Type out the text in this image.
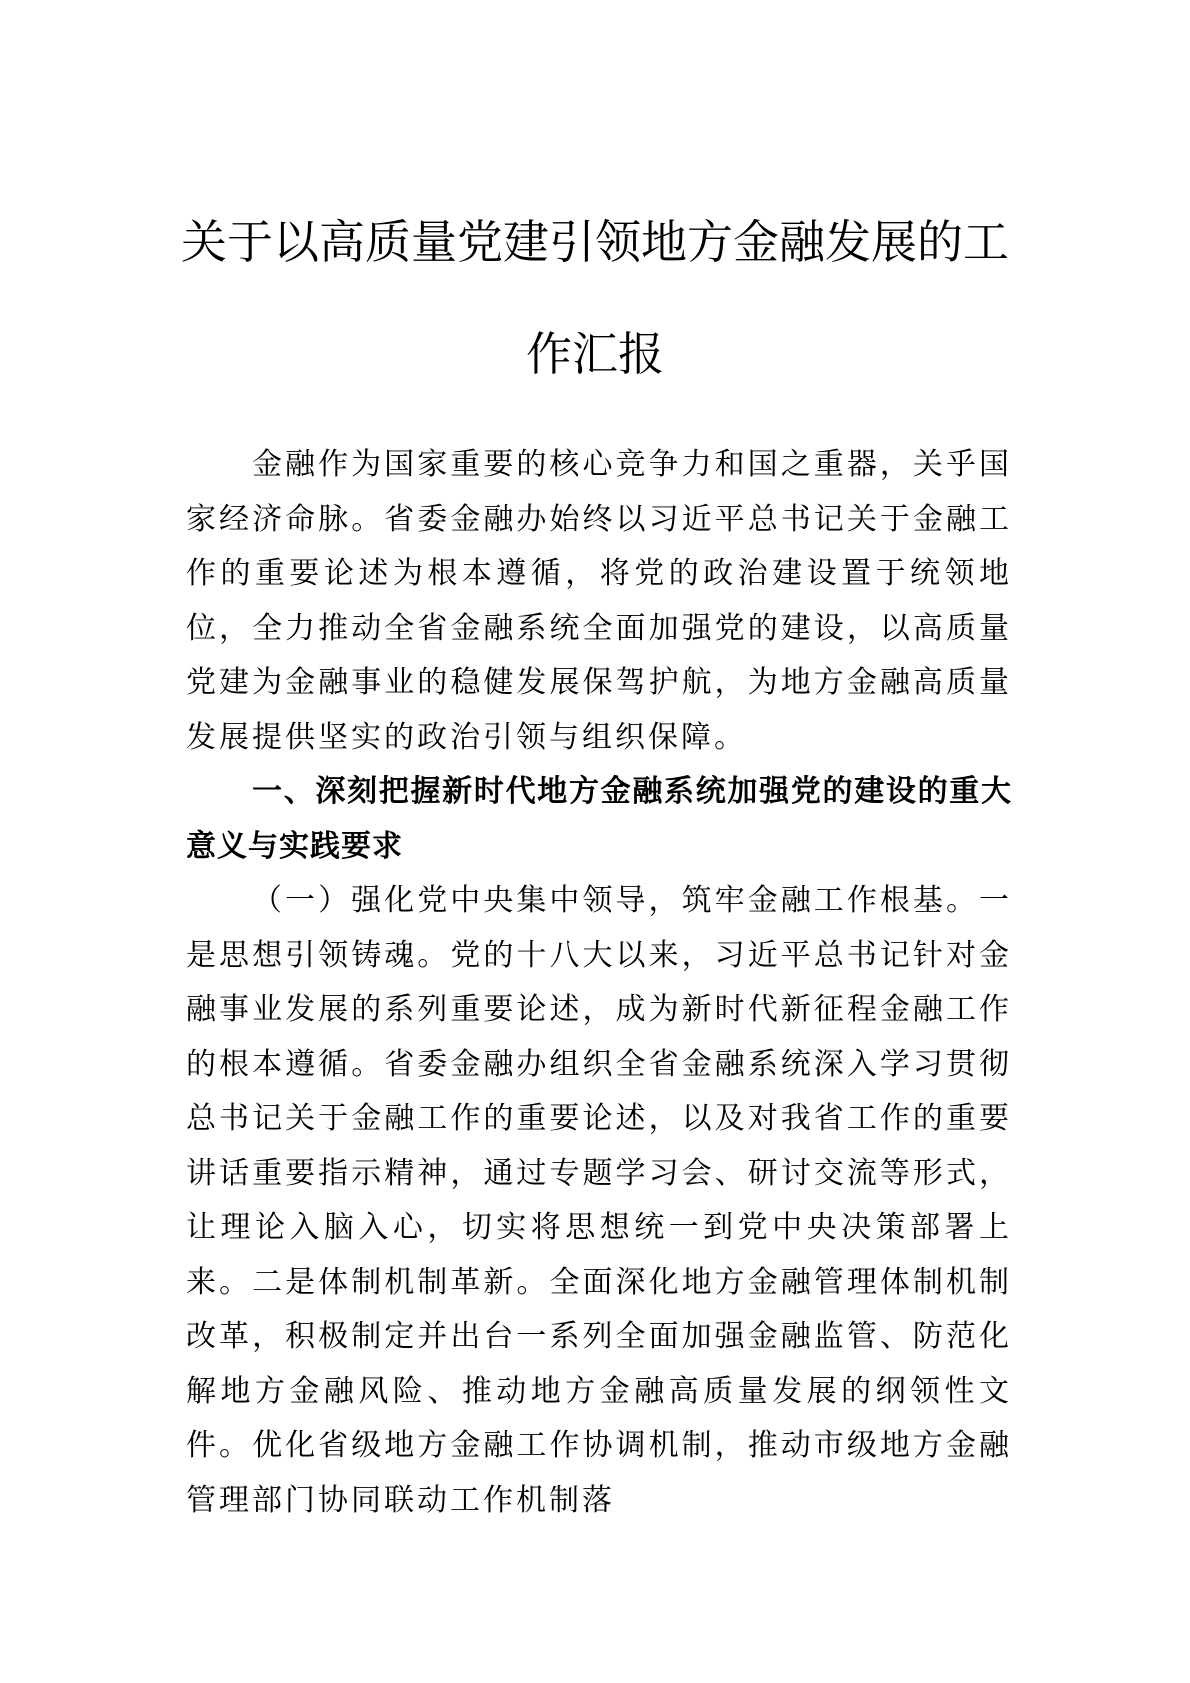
关于以高质量党建引领地方金融发展的工作汇报

金融作为国家重要的核心竞争力和国之重器，关乎国家经济命脉。省委金融办始终以习近平总书记关于金融工作的重要论述为根本遵循，将党的政治建设置于统领地位，全力推动全省金融系统全面加强党的建设，以高质量党建为金融事业的稳健发展保驾护航，为地方金融高质量发展提供坚实的政治引领与组织保障。

一、深刻把握新时代地方金融系统加强党的建设的重大意义与实践要求

（一）强化党中央集中领导，筑牢金融工作根基。一是思想引领铸魂。党的十八大以来，习近平总书记针对金融事业发展的系列重要论述，成为新时代新征程金融工作的根本遵循。省委金融办组织全省金融系统深入学习贯彻总书记关于金融工作的重要论述，以及对我省工作的重要讲话重要指示精神，通过专题学习会、研讨交流等形式，让理论入脑入心，切实将思想统一到党中央决策部署上来。二是体制机制革新。全面深化地方金融管理体制机制改革，积极制定并出台一系列全面加强金融监管、防范化解地方金融风险、推动地方金融高质量发展的纲领性文件。优化省级地方金融工作协调机制，推动市级地方金融管理部门协同联动工作机制落
